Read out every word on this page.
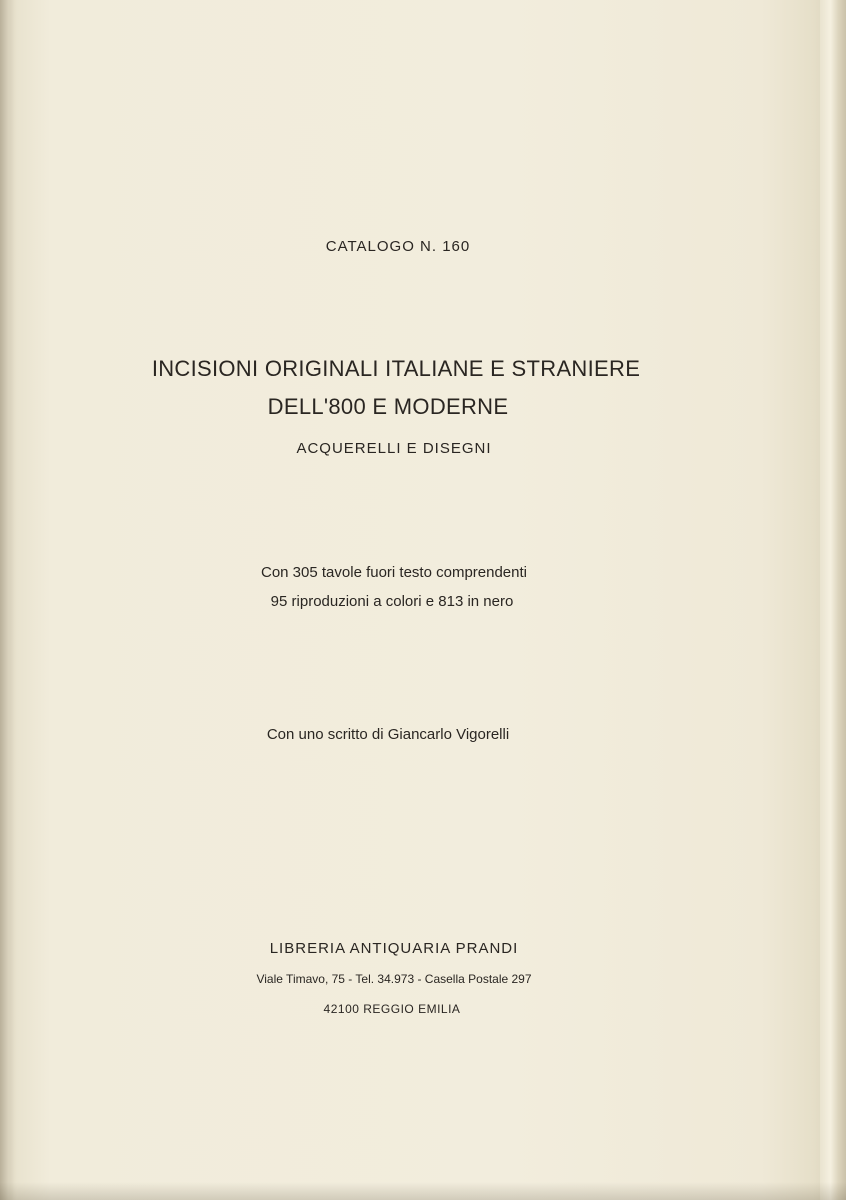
CATALOGO N. 160
INCISIONI ORIGINALI ITALIANE E STRANIERE
DELL'800 E MODERNE
ACQUERELLI E DISEGNI
Con 305 tavole fuori testo comprendenti
95 riproduzioni a colori e 813 in nero
Con uno scritto di Giancarlo Vigorelli
LIBRERIA ANTIQUARIA PRANDI
Viale Timavo, 75 - Tel. 34.973 - Casella Postale 297
42100 REGGIO EMILIA
